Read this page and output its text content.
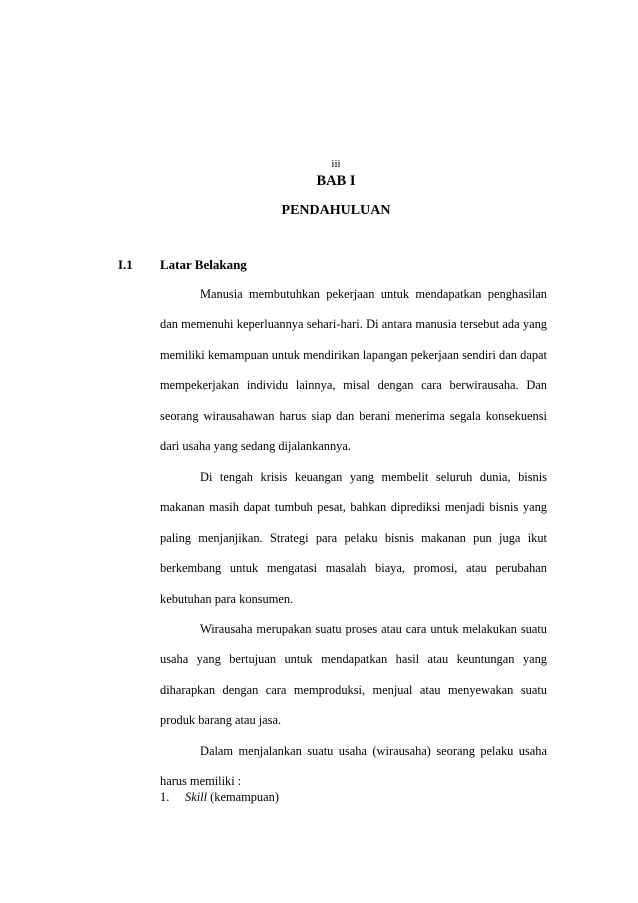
iii
BAB I
PENDAHULUAN
I.1 Latar Belakang

Manusia membutuhkan pekerjaan untuk mendapatkan penghasilan dan memenuhi keperluannya sehari-hari. Di antara manusia tersebut ada yang memiliki kemampuan untuk mendirikan lapangan pekerjaan sendiri dan dapat mempekerjakan individu lainnya, misal dengan cara berwirausaha. Dan seorang wirausahawan harus siap dan berani menerima segala konsekuensi dari usaha yang sedang dijalankannya.

Di tengah krisis keuangan yang membelit seluruh dunia, bisnis makanan masih dapat tumbuh pesat, bahkan diprediksi menjadi bisnis yang paling menjanjikan. Strategi para pelaku bisnis makanan pun juga ikut berkembang untuk mengatasi masalah biaya, promosi, atau perubahan kebutuhan para konsumen.

Wirausaha merupakan suatu proses atau cara untuk melakukan suatu usaha yang bertujuan untuk mendapatkan hasil atau keuntungan yang diharapkan dengan cara memproduksi, menjual atau menyewakan suatu produk barang atau jasa.

Dalam menjalankan suatu usaha (wirausaha) seorang pelaku usaha harus memiliki :

1. Skill (kemampuan)
